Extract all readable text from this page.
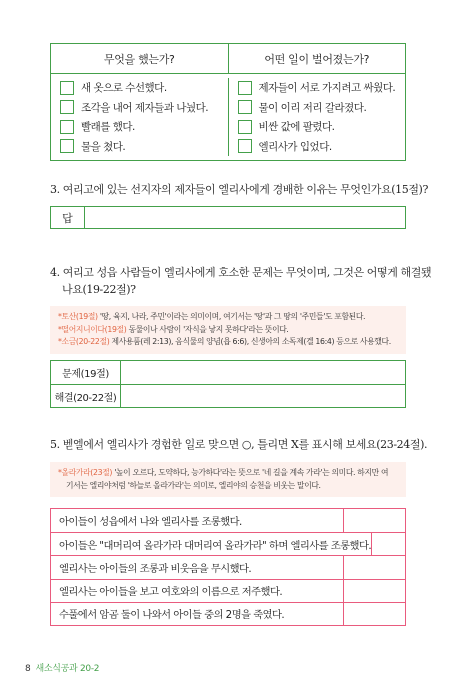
무엇을 했는가?	어떤 일이 벌어졌는가?
새 옷으로 수선했다.
조각을 내어 제자들과 나눴다.
빨래를 했다.
물을 쳤다.
제자들이 서로 가지려고 싸웠다.
물이 이리 저리 갈라졌다.
비싼 값에 팔렸다.
엘리사가 입었다.
3. 여리고에 있는 선지자의 제자들이 엘리사에게 경배한 이유는 무엇인가요(15절)?
답
4. 여리고 성읍 사람들이 엘리사에게 호소한 문제는 무엇이며, 그것은 어떻게 해결됐
나요(19-22절)?
*토산(19절) '땅, 육지, 나라, 주민'이라는 의미이며, 여기서는 '땅'과 그 땅의 '주민들'도 포함된다.
*떨어지니이다(19절) 동물이나 사람이 '자식을 낳지 못하다'라는 뜻이다.
*소금(20-22절) 제사용품(레 2:13), 음식물의 양념(욥 6:6), 신생아의 소독제(겔 16:4) 등으로 사용했다.
문제(19절)
해결(20-22절)
5. 벧엘에서 엘리사가 경험한 일로 맞으면 ○, 틀리면 X를 표시해 보세요(23-24절).
*올라가라(23절) '높이 오르다, 도약하다, 능가하다'라는 뜻으로 '네 길을 계속 가라'는 의미다. 하지만 여
기서는 엘리야처럼 '하늘로 올라가라'는 의미로, 엘리야의 승천을 비웃는 말이다.
아이들이 성읍에서 나와 엘리사를 조롱했다.
아이들은 "대머리여 올라가라 대머리여 올라가라" 하며 엘리사를 조롱했다.
엘리사는 아이들의 조롱과 비웃음을 무시했다.
엘리사는 아이들을 보고 여호와의 이름으로 저주했다.
수풀에서 암곰 둘이 나와서 아이들 중의 2명을 죽였다.
8 새소식공과 20-2
